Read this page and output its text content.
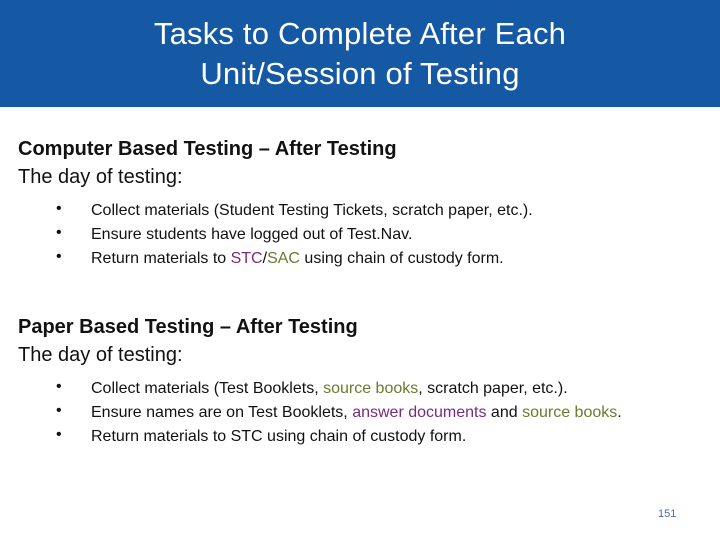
Tasks to Complete After Each
Unit/Session of Testing

Computer Based Testing – After Testing

The day of testing:

• Collect materials (Student Testing Tickets, scratch paper, etc.).
• Ensure students have logged out of Test.Nav.
• Return materials to STC/SAC using chain of custody form.

Paper Based Testing – After Testing

The day of testing:

• Collect materials (Test Booklets, source books, scratch paper, etc.).
• Ensure names are on Test Booklets, answer documents and source books.
• Return materials to STC using chain of custody form.
151
